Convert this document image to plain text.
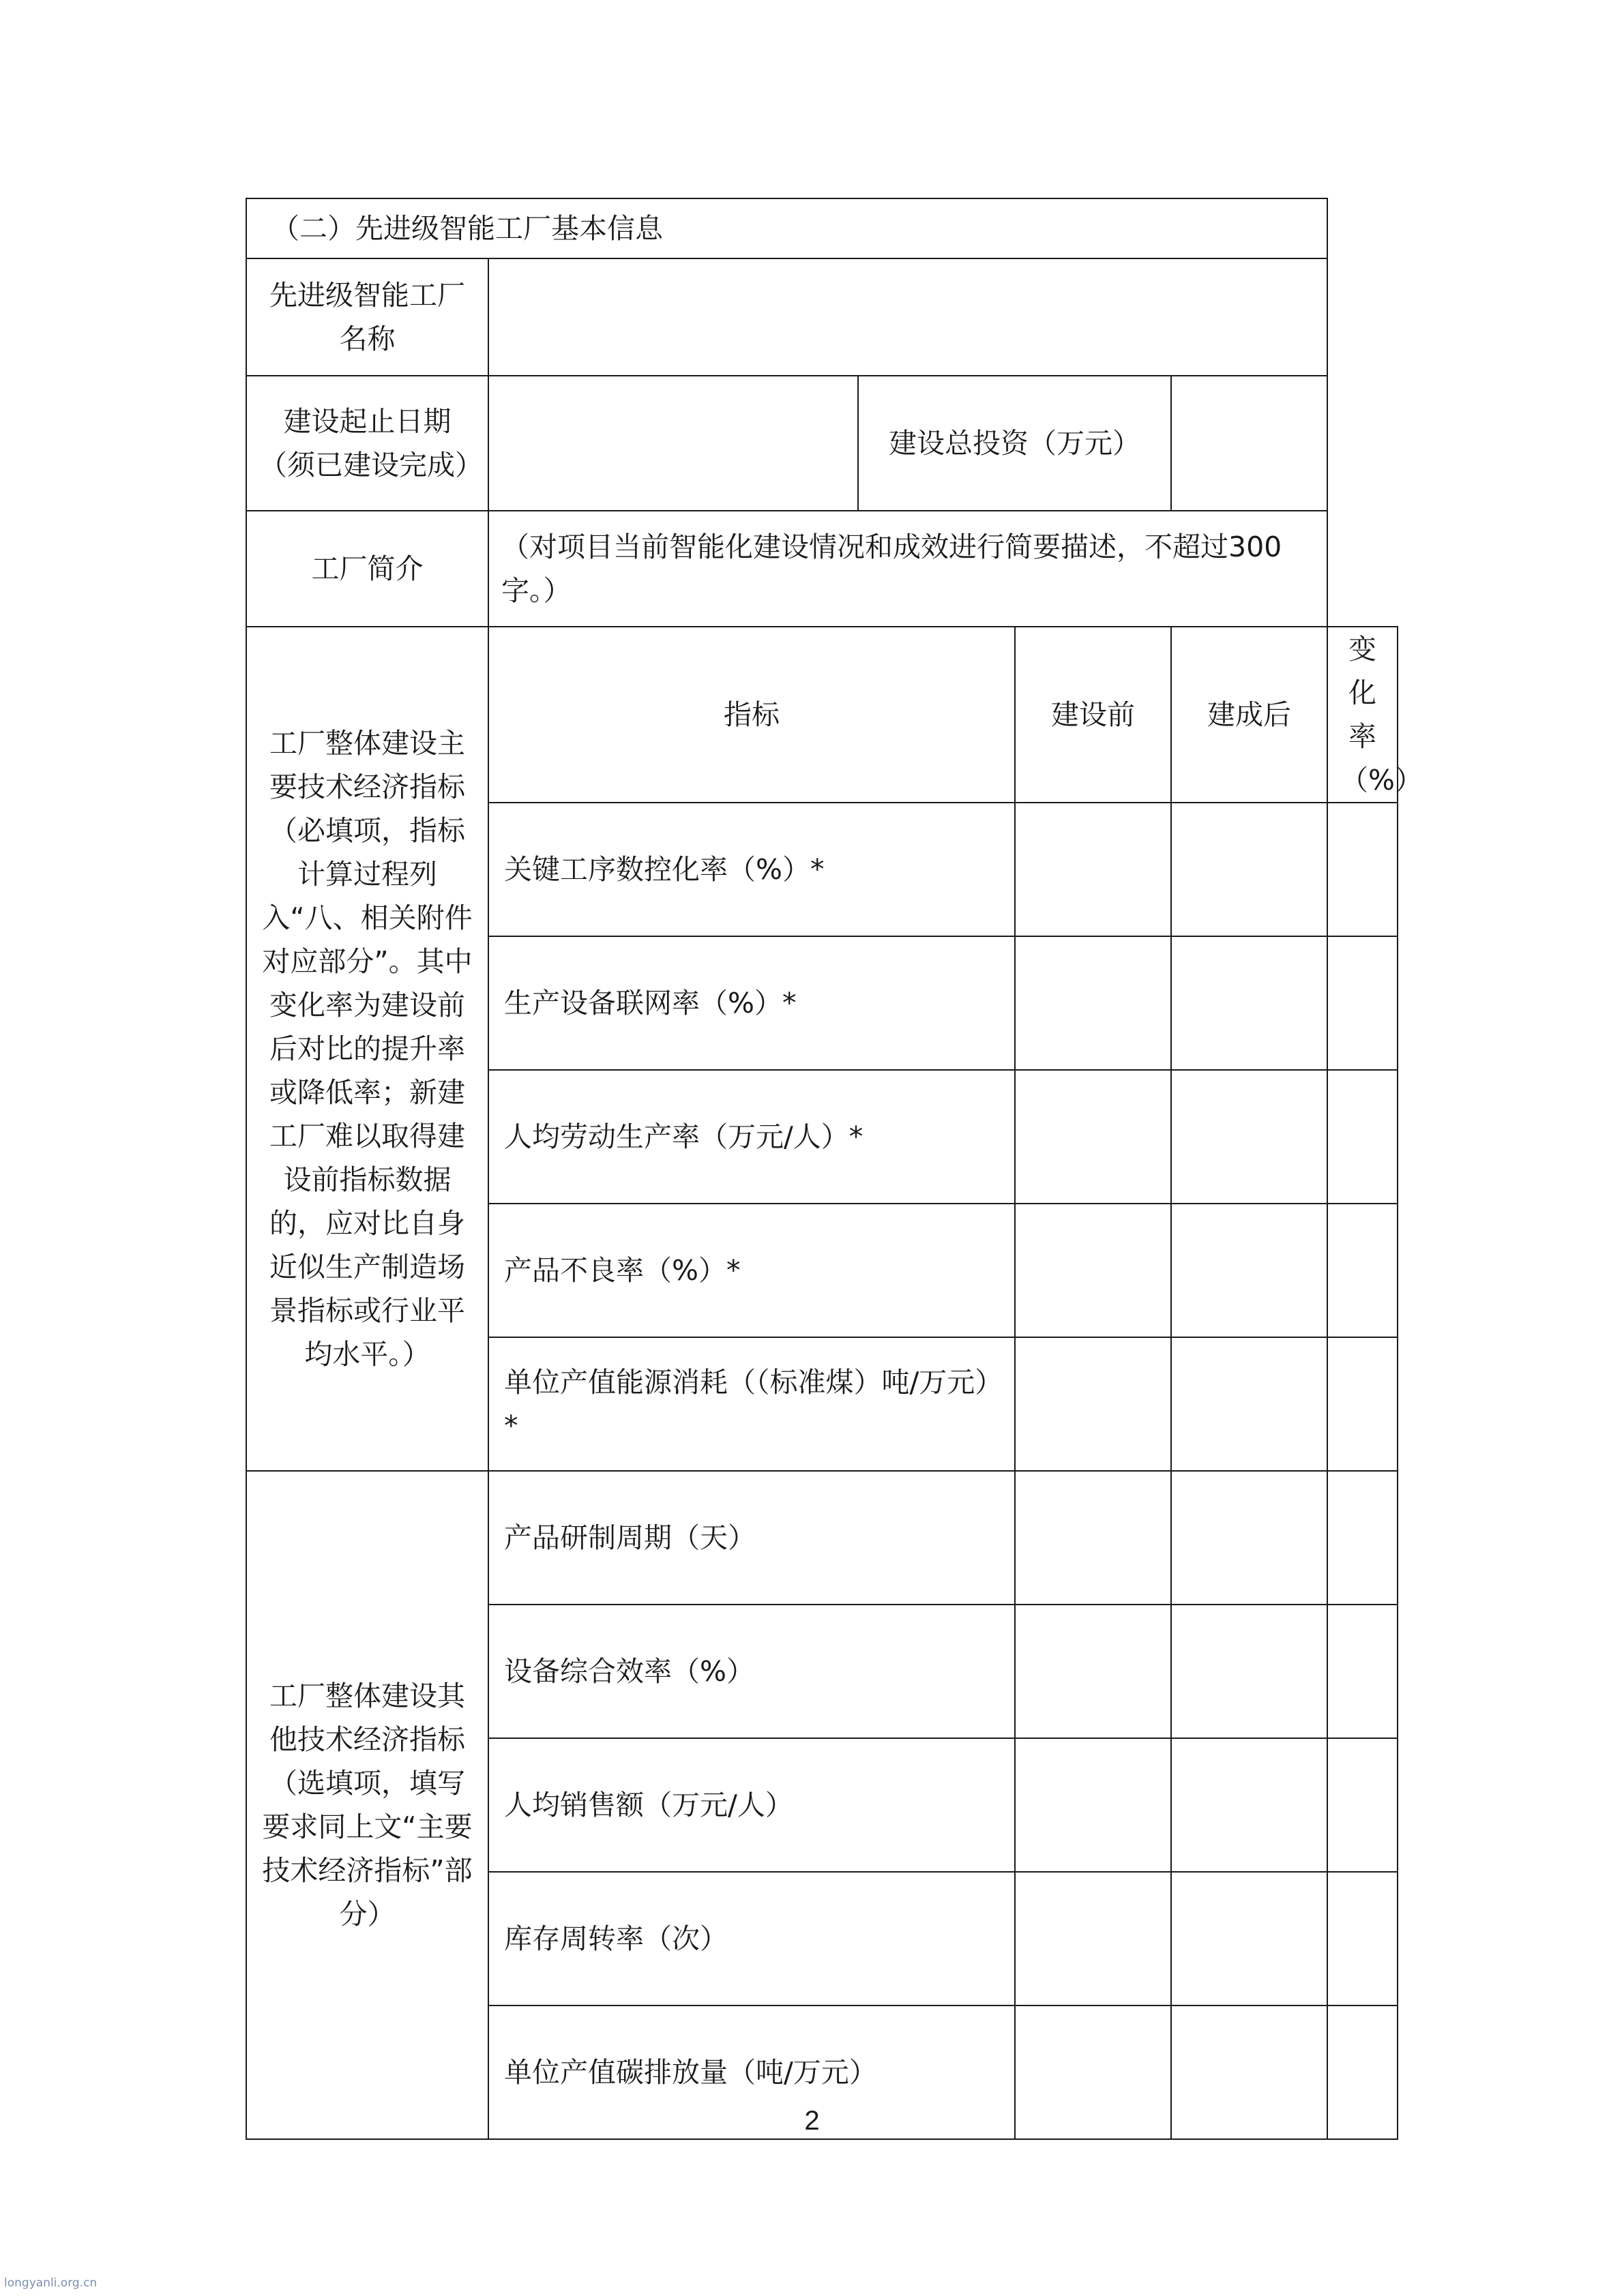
（二）先进级智能工厂基本信息					
先进级智能工厂名称					
建设起止日期（须已建设完成）		建设总投资（万元）			
工厂简介	（对项目当前智能化建设情况和成效进行简要描述，不超过300字。）				
工厂整体建设主要技术经济指标（必填项，指标计算过程列入“八、相关附件对应部分”。其中变化率为建设前后对比的提升率或降低率；新建工厂难以取得建设前指标数据的，应对比自身近似生产制造场景指标或行业平均水平。）	指标		建设前	建成后	变化率（%）
	关键工序数控化率（%）*				
	生产设备联网率（%）*				
	人均劳动生产率（万元/人）*				
	产品不良率（%）*				
	单位产值能源消耗（（标准煤）吨/万元）*				
工厂整体建设其他技术经济指标（选填项，填写要求同上文“主要技术经济指标”部分）	产品研制周期（天）				
	设备综合效率（%）				
	人均销售额（万元/人）				
	库存周转率（次）				
	单位产值碳排放量（吨/万元）				
2
longyanli.org.cn
